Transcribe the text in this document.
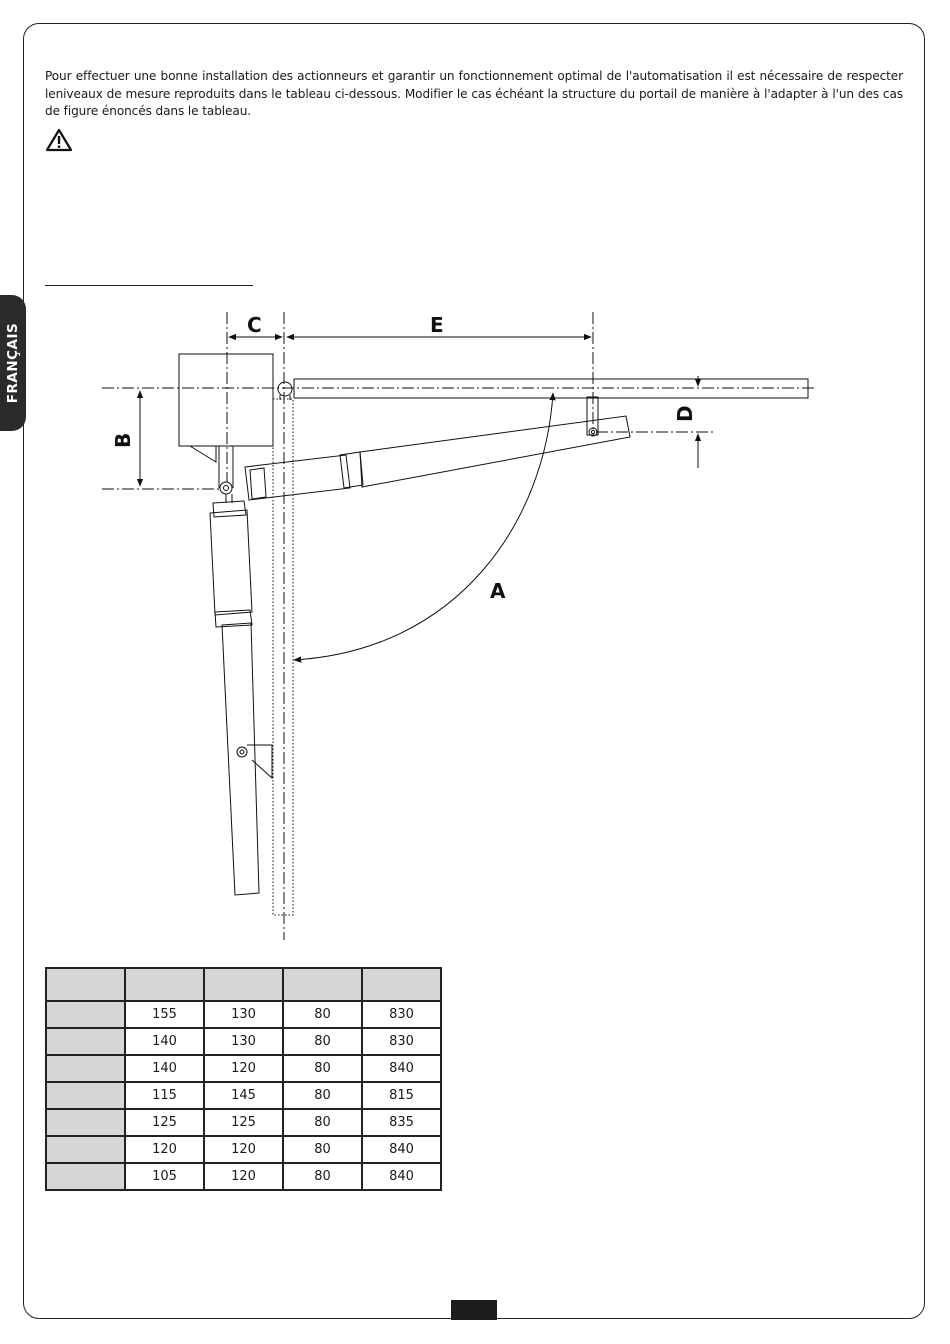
FRANÇAIS

Pour effectuer une bonne installation des actionneurs et garantir un fonctionnement optimal de l'automatisation il est nécessaire de respecter leniveaux de mesure reproduits dans le tableau ci-dessous. Modifier le cas échéant la structure du portail de manière à l'adapter à l'un des cas de figure énoncés dans le tableau.

C	E
A
B
D

	155	130	80	830
	140	130	80	830
	140	120	80	840
	115	145	80	815
	125	125	80	835
	120	120	80	840
	105	120	80	840
